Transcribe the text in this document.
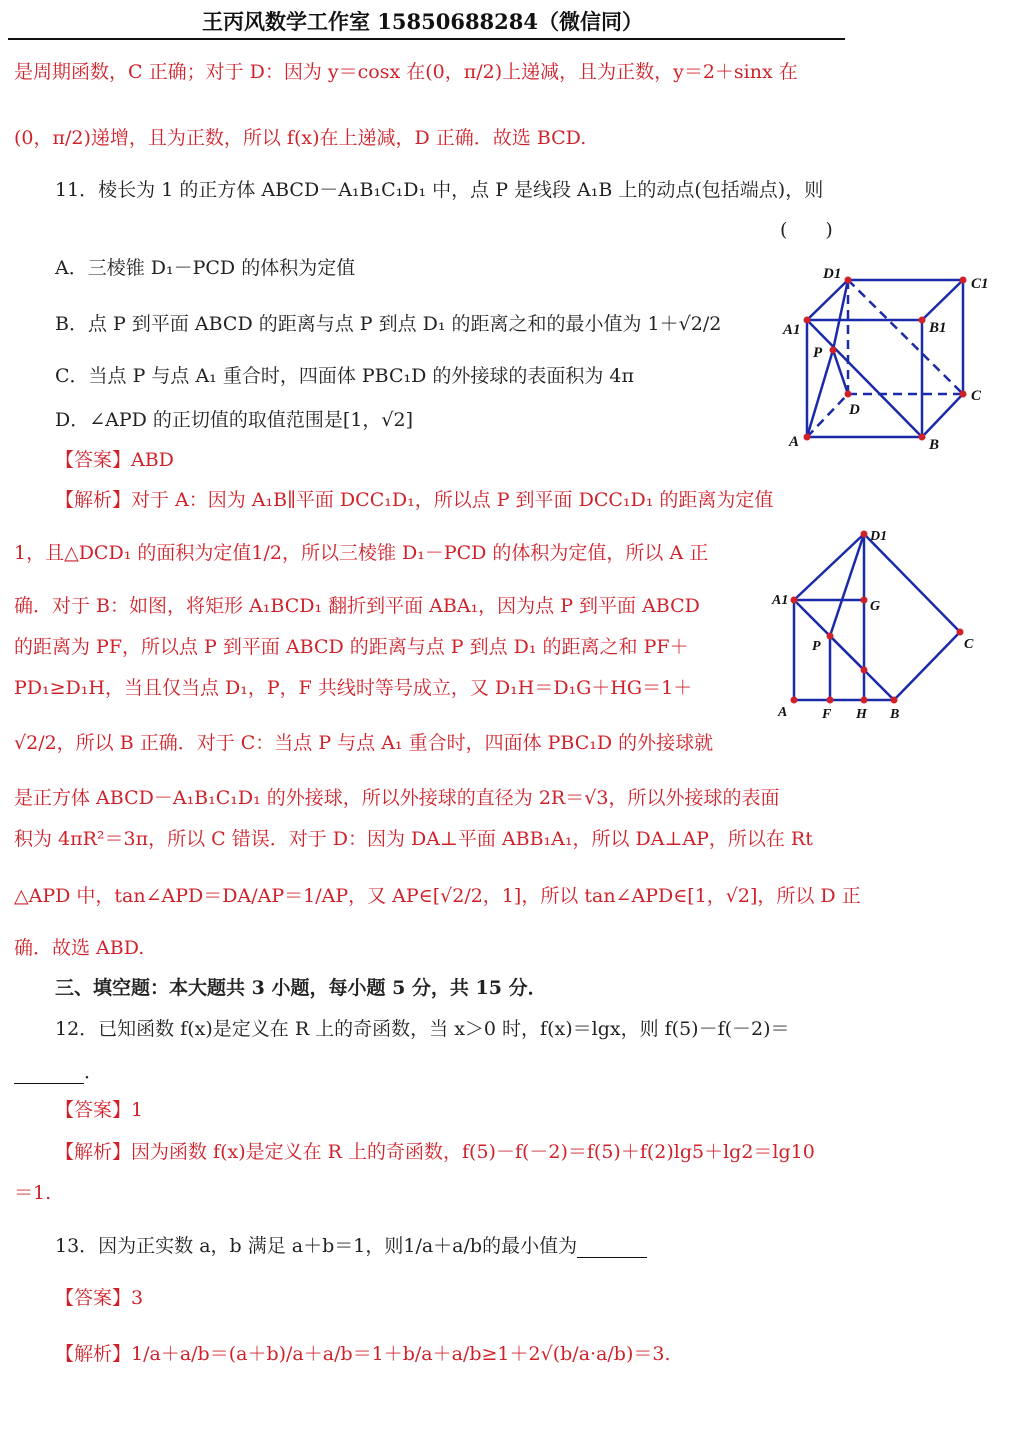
王丙风数学工作室 15850688284（微信同）
是周期函数，C 正确；对于 D：因为 y＝cosx 在(0，π/2)上递减，且为正数，y＝2＋sinx 在
(0，π/2)递增，且为正数，所以 f(x)在上递减，D 正确．故选 BCD.
11．棱长为 1 的正方体 ABCD－A₁B₁C₁D₁ 中，点 P 是线段 A₁B 上的动点(包括端点)，则
(　　)
A．三棱锥 D₁－PCD 的体积为定值
B．点 P 到平面 ABCD 的距离与点 P 到点 D₁ 的距离之和的最小值为 1＋√2/2
C．当点 P 与点 A₁ 重合时，四面体 PBC₁D 的外接球的表面积为 4π
D．∠APD 的正切值的取值范围是[1，√2]
【答案】ABD
【解析】对于 A：因为 A₁B∥平面 DCC₁D₁，所以点 P 到平面 DCC₁D₁ 的距离为定值
1，且△DCD₁ 的面积为定值1/2，所以三棱锥 D₁－PCD 的体积为定值，所以 A 正
确．对于 B：如图，将矩形 A₁BCD₁ 翻折到平面 ABA₁，因为点 P 到平面 ABCD
的距离为 PF，所以点 P 到平面 ABCD 的距离与点 P 到点 D₁ 的距离之和 PF＋
PD₁≥D₁H，当且仅当点 D₁，P，F 共线时等号成立，又 D₁H＝D₁G＋HG＝1＋
√2/2，所以 B 正确．对于 C：当点 P 与点 A₁ 重合时，四面体 PBC₁D 的外接球就
是正方体 ABCD－A₁B₁C₁D₁ 的外接球，所以外接球的直径为 2R＝√3，所以外接球的表面
积为 4πR²＝3π，所以 C 错误．对于 D：因为 DA⊥平面 ABB₁A₁，所以 DA⊥AP，所以在 Rt
△APD 中，tan∠APD＝DA/AP＝1/AP，又 AP∈[√2/2，1]，所以 tan∠APD∈[1，√2]，所以 D 正
确．故选 ABD.
三、填空题：本大题共 3 小题，每小题 5 分，共 15 分．
12．已知函数 f(x)是定义在 R 上的奇函数，当 x＞0 时，f(x)＝lgx，则 f(5)－f(－2)＝
．
【答案】1
【解析】因为函数 f(x)是定义在 R 上的奇函数，f(5)－f(－2)＝f(5)＋f(2)lg5＋lg2＝lg10
＝1.
13．因为正实数 a，b 满足 a＋b＝1，则1/a＋a/b的最小值为
【答案】3
【解析】1/a＋a/b＝(a＋b)/a＋a/b＝1＋b/a＋a/b≥1＋2√(b/a·a/b)＝3.
D1
C1
A1	B1
P
D
C
A	B
D1
A1	G
C
P
A F H B
